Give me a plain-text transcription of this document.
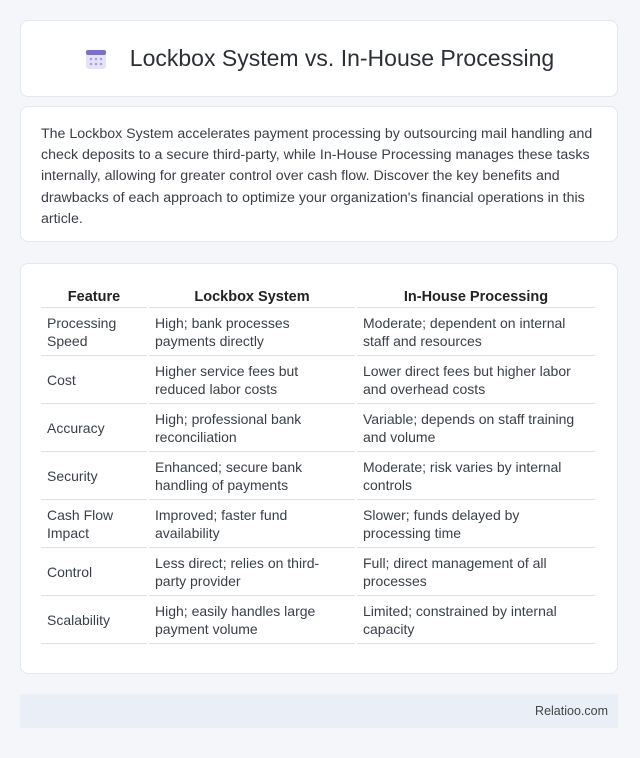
Lockbox System vs. In-House Processing

The Lockbox System accelerates payment processing by outsourcing mail handling and check deposits to a secure third-party, while In-House Processing manages these tasks internally, allowing for greater control over cash flow. Discover the key benefits and drawbacks of each approach to optimize your organization's financial operations in this article.

Feature	Lockbox System	In-House Processing
Processing Speed	High; bank processes payments directly	Moderate; dependent on internal staff and resources
Cost	Higher service fees but reduced labor costs	Lower direct fees but higher labor and overhead costs
Accuracy	High; professional bank reconciliation	Variable; depends on staff training and volume
Security	Enhanced; secure bank handling of payments	Moderate; risk varies by internal controls
Cash Flow Impact	Improved; faster fund availability	Slower; funds delayed by processing time
Control	Less direct; relies on third-party provider	Full; direct management of all processes
Scalability	High; easily handles large payment volume	Limited; constrained by internal capacity
Relatioo.com
